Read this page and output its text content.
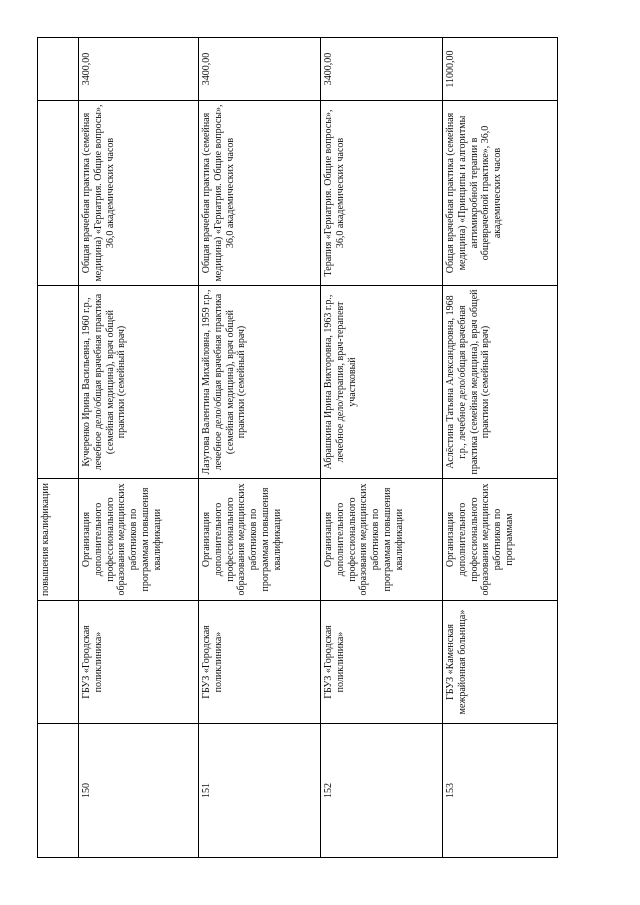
		повышения квалификации			
150	ГБУЗ «Городская поликлиника»	Организация дополнительного профессионального образования медицинских работников по программам повышения квалификации	Кучеренко Ирина Васильевна, 1960 г.р., лечебное дело/общая врачебная практика (семейная медицина), врач общей практики (семейный врач)	Общая врачебная практика (семейная медицина) «Гериатрия. Общие вопросы», 36,0 академических часов	3400,00
151	ГБУЗ «Городская поликлиника»	Организация дополнительного профессионального образования медицинских работников по программам повышения квалификации	Лазутова Валентина Михайловна, 1959 г.р., лечебное дело/общая врачебная практика (семейная медицина), врач общей практики (семейный врач)	Общая врачебная практика (семейная медицина) «Гериатрия. Общие вопросы», 36,0 академических часов	3400,00
152	ГБУЗ «Городская поликлиника»	Организация дополнительного профессионального образования медицинских работников по программам повышения квалификации	Абрашкина Ирина Викторовна, 1963 г.р., лечебное дело/терапия, врач-терапевт участковый	Терапия «Гериатрия. Общие вопросы», 36,0 академических часов	3400,00
153	ГБУЗ «Каменская межрайонная больница»	Организация дополнительного профессионального образования медицинских работников по программам	Аслёстина Татьяна Александровна, 1968 г.р., лечебное дело/общая врачебная практика (семейная медицина), врач общей практики (семейный врач)	Общая врачебная практика (семейная медицина) «Принципы и алгоритмы антимикробной терапии в общеврачебной практике», 36,0 академических часов	11000,00
